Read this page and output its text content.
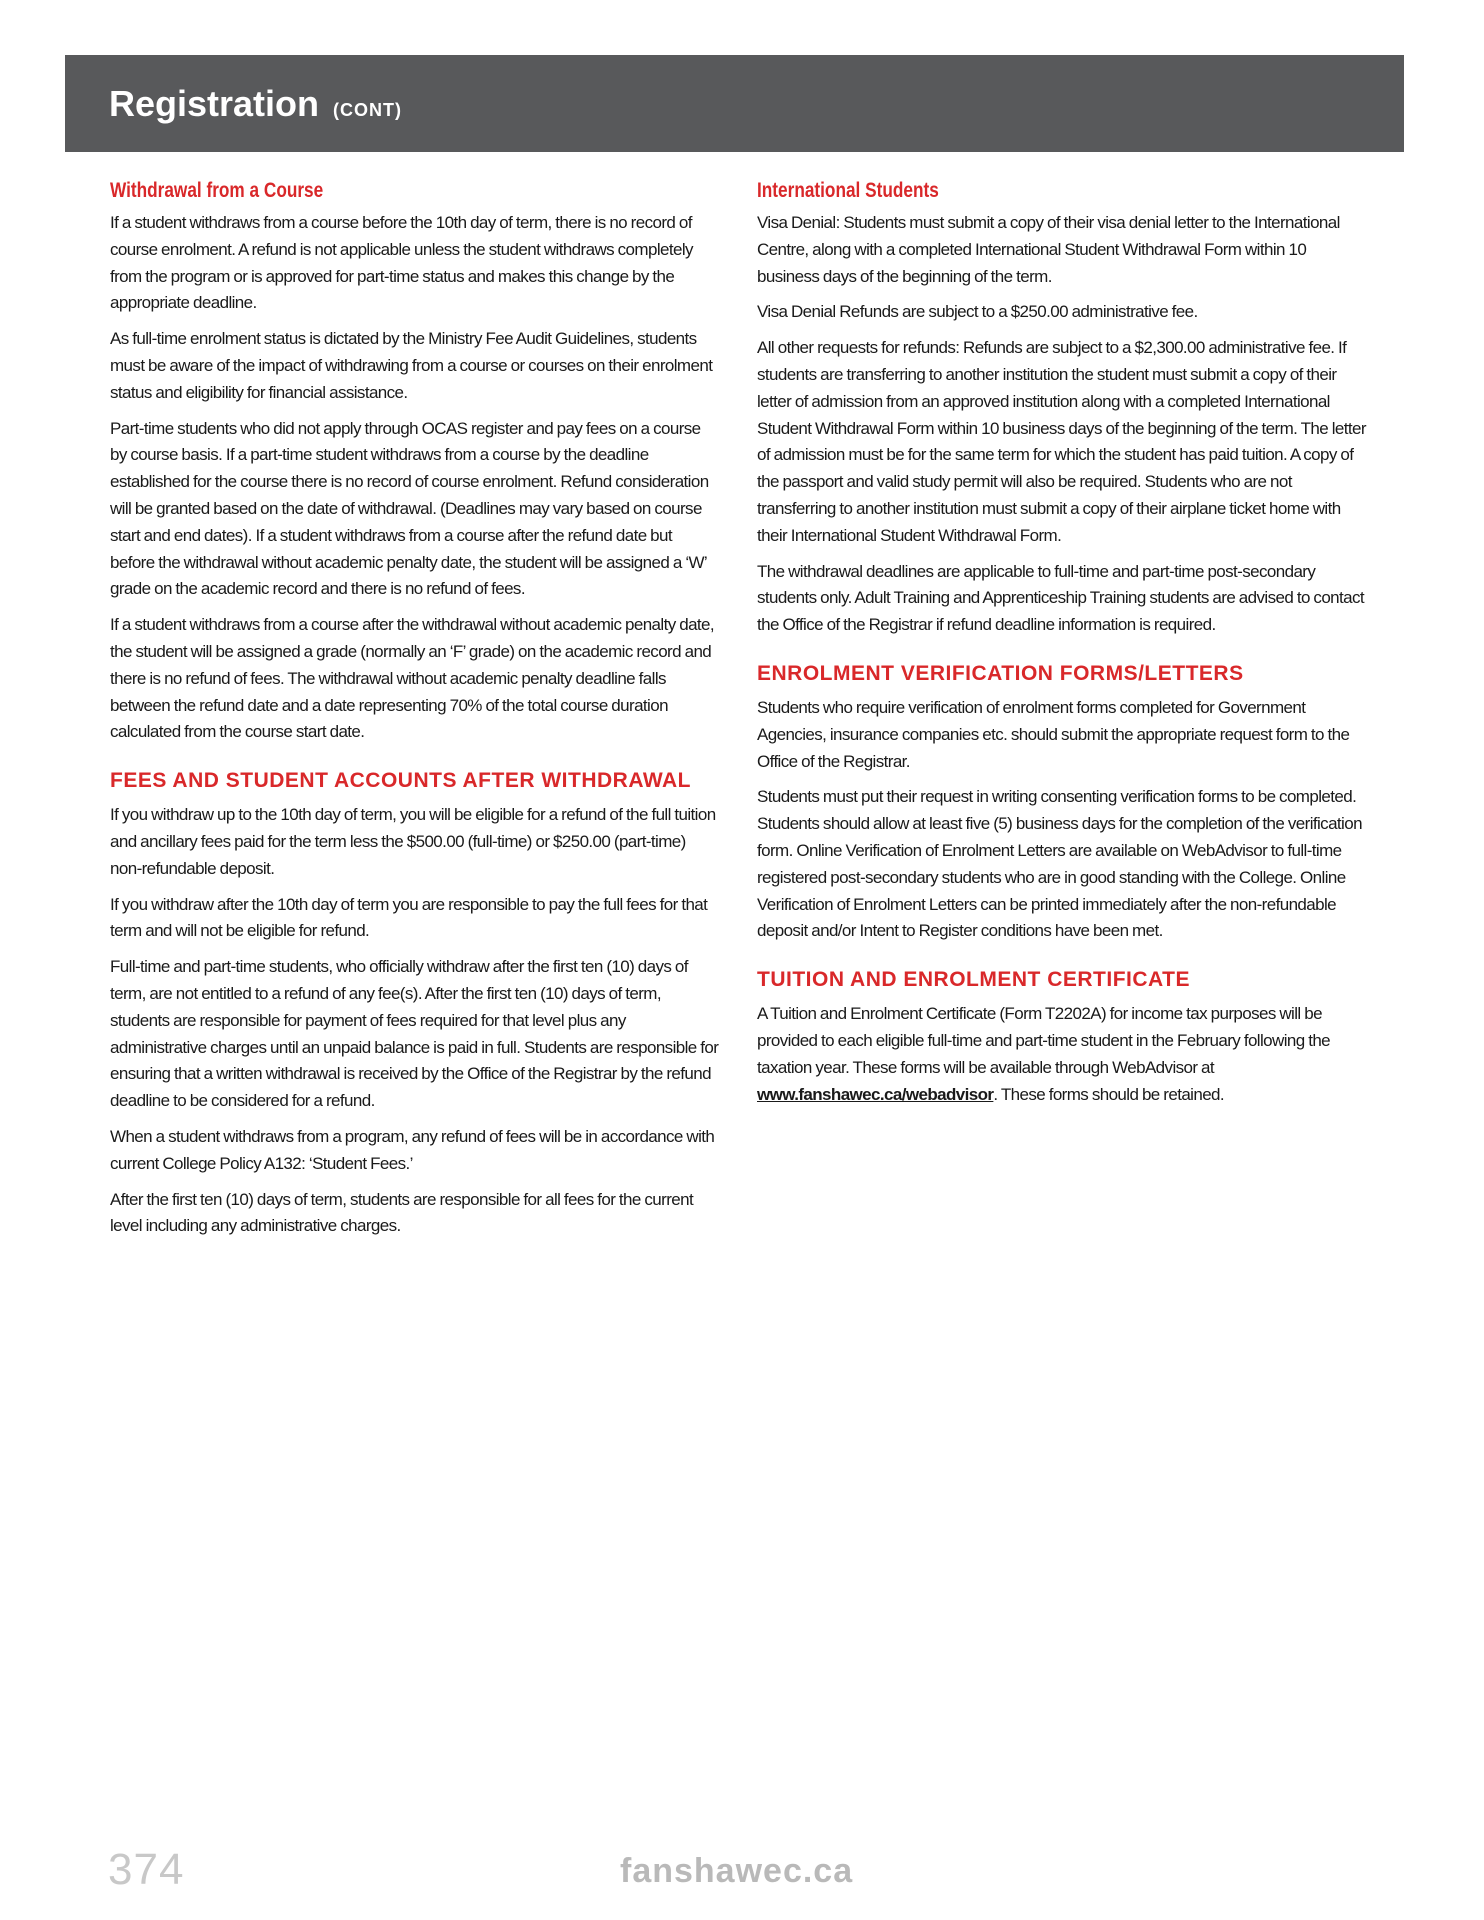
Registration (CONT)
Withdrawal from a Course

If a student withdraws from a course before the 10th day of term, there is no record of course enrolment. A refund is not applicable unless the student withdraws completely from the program or is approved for part-time status and makes this change by the appropriate deadline.

As full-time enrolment status is dictated by the Ministry Fee Audit Guidelines, students must be aware of the impact of withdrawing from a course or courses on their enrolment status and eligibility for financial assistance.

Part-time students who did not apply through OCAS register and pay fees on a course by course basis. If a part-time student withdraws from a course by the deadline established for the course there is no record of course enrolment. Refund consideration will be granted based on the date of withdrawal. (Deadlines may vary based on course start and end dates). If a student withdraws from a course after the refund date but before the withdrawal without academic penalty date, the student will be assigned a ‘W’ grade on the academic record and there is no refund of fees.

If a student withdraws from a course after the withdrawal without academic penalty date, the student will be assigned a grade (normally an ‘F’ grade) on the academic record and there is no refund of fees. The withdrawal without academic penalty deadline falls between the refund date and a date representing 70% of the total course duration calculated from the course start date.

FEES AND STUDENT ACCOUNTS AFTER WITHDRAWAL

If you withdraw up to the 10th day of term, you will be eligible for a refund of the full tuition and ancillary fees paid for the term less the $500.00 (full-time) or $250.00 (part-time) non-refundable deposit.

If you withdraw after the 10th day of term you are responsible to pay the full fees for that term and will not be eligible for refund.

Full-time and part-time students, who officially withdraw after the first ten (10) days of term, are not entitled to a refund of any fee(s). After the first ten (10) days of term, students are responsible for payment of fees required for that level plus any administrative charges until an unpaid balance is paid in full. Students are responsible for ensuring that a written withdrawal is received by the Office of the Registrar by the refund deadline to be considered for a refund.

When a student withdraws from a program, any refund of fees will be in accordance with current College Policy A132: ‘Student Fees.’

After the first ten (10) days of term, students are responsible for all fees for the current level including any administrative charges.

International Students

Visa Denial: Students must submit a copy of their visa denial letter to the International Centre, along with a completed International Student Withdrawal Form within 10 business days of the beginning of the term.

Visa Denial Refunds are subject to a $250.00 administrative fee.

All other requests for refunds: Refunds are subject to a $2,300.00 administrative fee. If students are transferring to another institution the student must submit a copy of their letter of admission from an approved institution along with a completed International Student Withdrawal Form within 10 business days of the beginning of the term. The letter of admission must be for the same term for which the student has paid tuition. A copy of the passport and valid study permit will also be required. Students who are not transferring to another institution must submit a copy of their airplane ticket home with their International Student Withdrawal Form.

The withdrawal deadlines are applicable to full-time and part-time post-secondary students only. Adult Training and Apprenticeship Training students are advised to contact the Office of the Registrar if refund deadline information is required.

ENROLMENT VERIFICATION FORMS/LETTERS

Students who require verification of enrolment forms completed for Government Agencies, insurance companies etc. should submit the appropriate request form to the Office of the Registrar.

Students must put their request in writing consenting verification forms to be completed. Students should allow at least five (5) business days for the completion of the verification form. Online Verification of Enrolment Letters are available on WebAdvisor to full-time registered post-secondary students who are in good standing with the College. Online Verification of Enrolment Letters can be printed immediately after the non-refundable deposit and/or Intent to Register conditions have been met.

TUITION AND ENROLMENT CERTIFICATE

A Tuition and Enrolment Certificate (Form T2202A) for income tax purposes will be provided to each eligible full-time and part-time student in the February following the taxation year. These forms will be available through WebAdvisor at www.fanshawec.ca/webadvisor. These forms should be retained.

374	fanshawec.ca
